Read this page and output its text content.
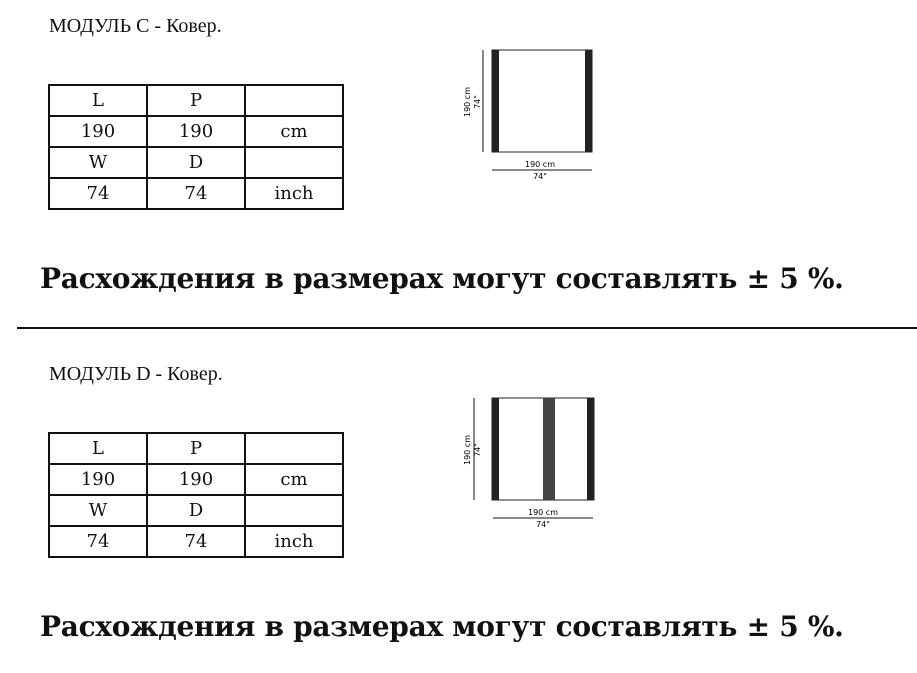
МОДУЛЬ C - Ковер.
L	P	
190	190	cm
W	D	
74	74	inch
190 cm 74"
190 cm
74"
Расхождения в размерах могут составлять ± 5 %.
МОДУЛЬ D - Ковер.
L	P	
190	190	cm
W	D	
74	74	inch
190 cm 74"
190 cm
74"
Расхождения в размерах могут составлять ± 5 %.
